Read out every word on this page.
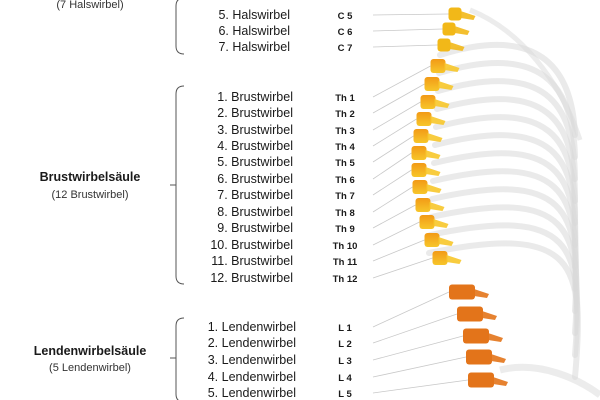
5. Halswirbel	C 5
6. Halswirbel	C 6
7. Halswirbel	C 7
1. Brustwirbel	Th 1
2. Brustwirbel	Th 2
3. Brustwirbel	Th 3
4. Brustwirbel	Th 4
5. Brustwirbel	Th 5
6. Brustwirbel	Th 6
7. Brustwirbel	Th 7
8. Brustwirbel	Th 8
9. Brustwirbel	Th 9
10. Brustwirbel	Th 10
11. Brustwirbel	Th 11
12. Brustwirbel	Th 12
1. Lendenwirbel	L 1
2. Lendenwirbel	L 2
3. Lendenwirbel	L 3
4. Lendenwirbel	L 4
5. Lendenwirbel	L 5
(7 Halswirbel)
Brustwirbelsäule
(12 Brustwirbel)
Lendenwirbelsäule
(5 Lendenwirbel)
